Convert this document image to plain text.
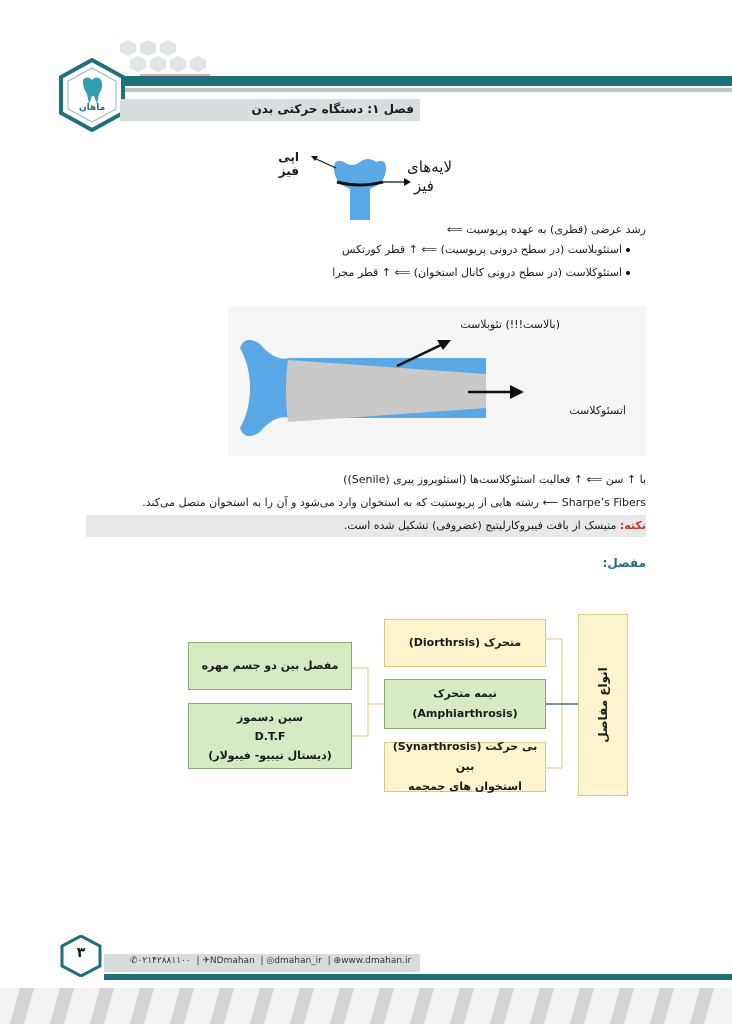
ماهان	فصل ۱: دستگاه حرکتی بدن
اپی فیز	لایه‌های
فیز
رشد عرضی (قطری) به عهده پریوسیت ⟸
استئوبلاست (در سطح درونی پریوسیت) ⟸ ↑ قطر کورتکس
استئوکلاست (در سطح درونی کانال استخوان) ⟸ ↑ قطر مجرا
(بالاست!!!) تئوبلاست
اتسئوکلاست
با ↑ سن ⟸ ↑ فعالیت استئوکلاست‌ها (استئوپروز پیری (Senile))
Sharpe’s Fibers ⟵ رشته هایی از پریوستیت که به استخوان وارد می‌شود و آن را به استخوان متصل می‌کند.
نکته: منیسک از بافت فیبروکارلیتیج (غضروفی) تشکیل شده است.
مفصل:
انواع مفاصل
متحرک (Diorthrsis)
نیمه متحرک
(Amphiarthrosis)
بی حرکت (Synarthrosis) بین
استخوان های جمجمه
مفصل بین دو جسم مهره
سین دسموز
D.T.F
(دیستال تیبیو- فیبولار)
۳	✆۰۲۱۴۲۸۸۱۱۰۰  | ✈NDmahan  | ◎dmahan_ir  | ⊕www.dmahan.ir
